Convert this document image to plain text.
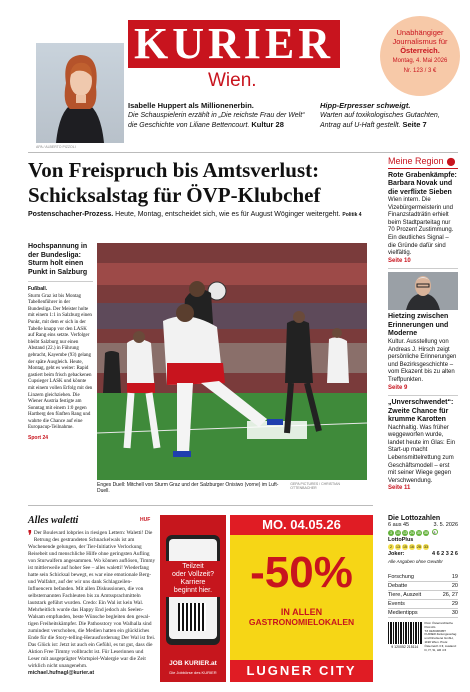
KURIER
Wien.
Unabhängiger
Journalismus für
Österreich.
Montag, 4. Mai 2026
Nr. 123 / 3 €
APA / ALBERTO PIZZOLI
Isabelle Huppert als Millionenerbin.
Die Schauspielerin erzählt in „Die reichste Frau der Welt“ die Geschichte von Liliane Bettencourt. Kultur 28
Hipp-Erpresser schweigt.
Warten auf toxikologisches Gutachten, Antrag auf U-Haft gestellt. Seite 7
Von Freispruch bis Amtsverlust: Schicksalstag für ÖVP-Klubchef
Postenschacher-Prozess. Heute, Montag, entscheidet sich, wie es für August Wöginger weitergeht. Politik 4
Meine Region ⬤
Rote Grabenkämpfe: Barbara Novak und die verflixte Sieben
Wien intern. Die Vizebürgermeisterin und Finanzstadträtin erhielt beim Stadtparteitag nur 70 Prozent Zustimmung. Ein deutliches Signal – die Gründe dafür sind vielfältig.
Seite 10
Hietzing zwischen Erinnerungen und Moderne
Kultur. Ausstellung von Andreas J. Hirsch zeigt persönliche Erinnerungen und Bezirksgeschichte – vom Ekazent bis zu alten Treffpunkten.
Seite 9
„Unverschwendet“: Zweite Chance für krumme Karotten
Nachhaltig. Was früher weggeworfen wurde, landet heute im Glas: Ein Start-up macht Lebensmittelrettung zum Geschäftsmodell – erst mit seiner Wiege gegen Verschwendung.
Seite 11
Hochspannung in der Bundesliga: Sturm holt einen Punkt in Salzburg
Fußball.
Sturm Graz ist bis Montag Tabellenführer in der Bundesliga. Der Meister holte mit einem 1:1 in Salzburg einen Punkt, mit dem er sich in der Tabelle knapp vor den LASK auf Rang eins setzte. Verfolger bleibt Salzburg nur einen Abstand (22.) in Führung gebracht, Kayembe (93) gelang der späte Ausgleich. Heute, Montag, geht es weiter: Rapid gastiert beim frisch gebackenen Cupsieger LASK und könnte mit einem vollen Erfolg mit den Linzern gleichziehen. Die Wiener Austria festigte am Sonntag mit einem 1:0 gegen Hartberg den fünften Rang und wahrte die Chance auf eine Europacup-Teilnahme.
Sport 24
Enges Duell: Mitchell von Sturm Graz und der Salzburger Onisiwo (vorne) im Luft-Duell.
GEPA PICTURES / CHRISTIAN OTTENBACHER
Alles waletti	HUF
❜ Der Boulevard lobpries in riesigen Lettern: Waletti! Die Retrung des gestrandeten Schnackelwals ist am Wochenende gelungen, der Tier-Initiative Verlockung Reisebeit und menschliche Hilfe ohne geringsten Aufling von Sturwalfern angesammen. Wo können auflösen, Timmy ist mittlerweile auf hoher See – alles waletti! Wiederfang hatte sein Schicksal bewegt, es war eine emotionale Berg- und Walfahrt, auf der wir uns dank Schlagzeilen-Influencern befanden. Mit allen Diskussionen, die von selbsternannten Fachleuten bis zu Amtssprachmitteln lautstark geführt wurden. Credo: Ein Wal ist kein Wal. Mehrheitlich wurde das Happy End jedoch als Seelen-Walsam empfunden, beste Wünsche begleiten den gewal-tigen Freiheitskämpfer. Die Pathosstory von Walhalla sind zumindest verschoben, die Medien hatten ein glückliches Ende für die Story-telling-Herausforderung Der Wal ist frei. Das Glück ist: Jetzt ist auch ein Gefühl, es tut gut, dass die Aktion Free Timmy vollbracht ist. Für Leserinnen und Leser mit ausgeprägter Wortspiel-Walergie war die Zeit wirklich nicht unangenehm.
michael.hufnagl@kurier.at
Teilzeit
oder Vollzeit?
Karriere
beginnt hier.
JOB KURIER.at
Die Jobbörse des KURIER
MO. 04.05.26
-50%
IN ALLEN
GASTRONOMIELOKALEN
LUGNER CITY
Die Lottozahlen
6 aus 45	3. 5. 2026
3 10 13 24 35 38 8
LottoPlus
2 13 15 16 28 33
Joker:	4 6 2 3 2 6
Alle Angaben ohne Gewähr
Forschung	19
Debatte	20
Tiere, Auszeit	26, 27
Events	29
Medientipps	30
9 120052 215114
Post: Österreichische Post AG
TZ 02Z030695T KURIER Zeitungsverlag und Druckerei GmbH, 1190 Wien. Preis: Österreich 3 €, Ausland: D, IT, SI, HR 4 €
